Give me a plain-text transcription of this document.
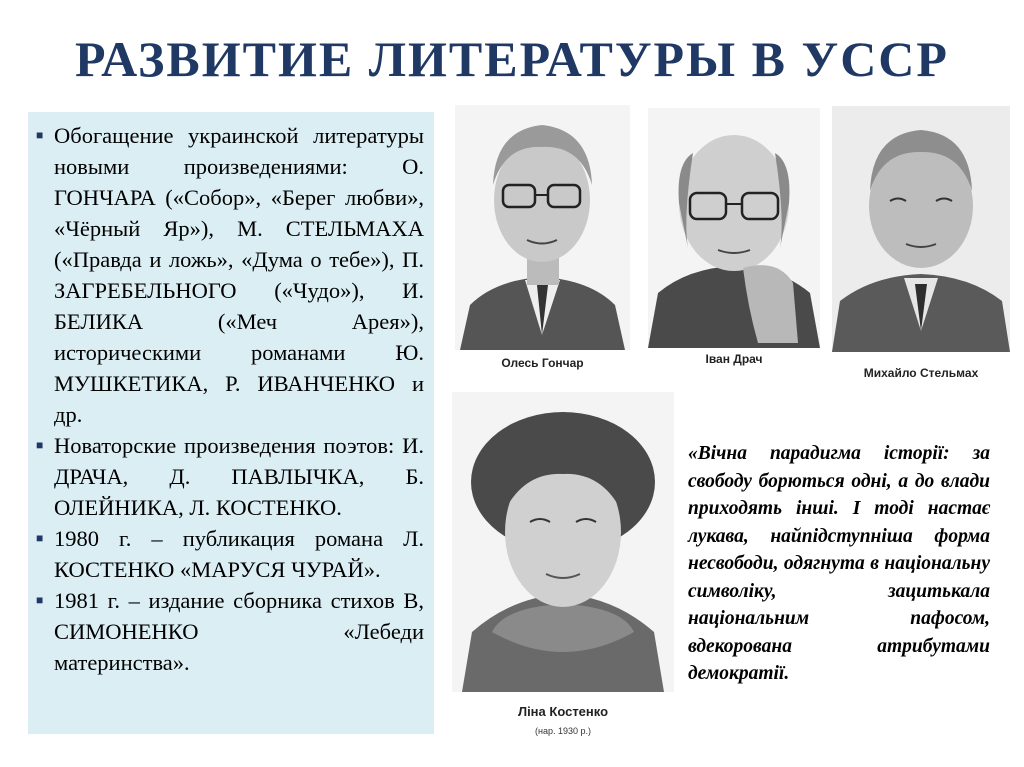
РАЗВИТИЕ ЛИТЕРАТУРЫ В УССР
■ Обогащение украинской литературы новыми произведениями: О. ГОНЧАРА («Собор», «Берег любви», «Чёрный Яр»), М. СТЕЛЬМАХА («Правда и ложь», «Дума о тебе»), П. ЗАГРЕБЕЛЬНОГО («Чудо»), И. БЕЛИКА («Меч Арея»), историческими романами Ю. МУШКЕТИКА, Р. ИВАНЧЕНКО и др.
■ Новаторские произведения поэтов: И. ДРАЧА, Д. ПАВЛЫЧКА, Б. ОЛЕЙНИКА, Л. КОСТЕНКО.
■ 1980 г. – публикация романа Л. КОСТЕНКО «МАРУСЯ ЧУРАЙ».
■ 1981 г. – издание сборника стихов В, СИМОНЕНКО «Лебеди материнства».
Олесь Гончар	Іван Драч
Михайло Стельмах
Ліна Костенко
(нар. 1930 р.)
«Вічна парадигма історії: за свободу борються одні, а до влади приходять інші. І тоді настає лукава, найпідступніша форма несвободи, одягнута в національну символіку, зацитькала національним пафосом, вдекорована атрибутами демократії.
